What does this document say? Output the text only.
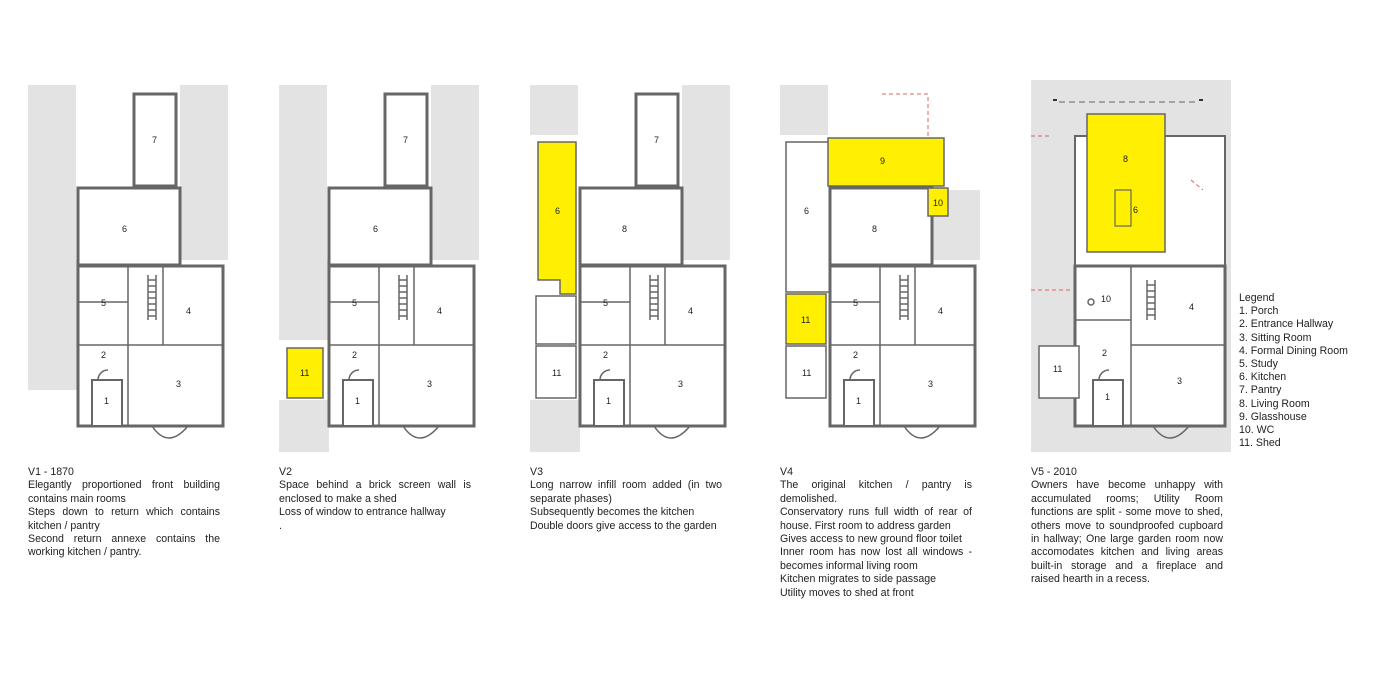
7
6
5
4
2
3
1
7
6
5
4
2
3
1
11
7
6
8
5
4
2
3
1
11
9
10
6
8
5
4
11
2
3
1
11
8
6
10
4
2
3
1
11
V1 - 1870
Elegantly proportioned front building contains main rooms
Steps down to return which contains kitchen / pantry
Second return annexe contains the working kitchen / pantry.
V2
Space behind a brick screen wall is enclosed to make a shed
Loss of window to entrance hallway
.
V3
Long narrow infill room added (in two separate phases)
Subsequently becomes the kitchen
Double doors give access to the garden
V4
The original kitchen / pantry is demolished.
Conservatory runs full width of rear of house. First room to address garden
Gives access to new ground floor toilet
Inner room has now lost all windows - becomes informal living room
Kitchen migrates to side passage
Utility moves to shed at front
V5 - 2010
Owners have become unhappy with accumulated rooms; Utility Room functions are split - some move to shed, others move to soundproofed cupboard in hallway; One large garden room now accomodates kitchen and living areas built-in storage and a fireplace and raised hearth in a recess.
Legend
1. Porch
2. Entrance Hallway
3. Sitting Room
4. Formal Dining Room
5. Study
6. Kitchen
7. Pantry
8. Living Room
9. Glasshouse
10. WC
11. Shed
